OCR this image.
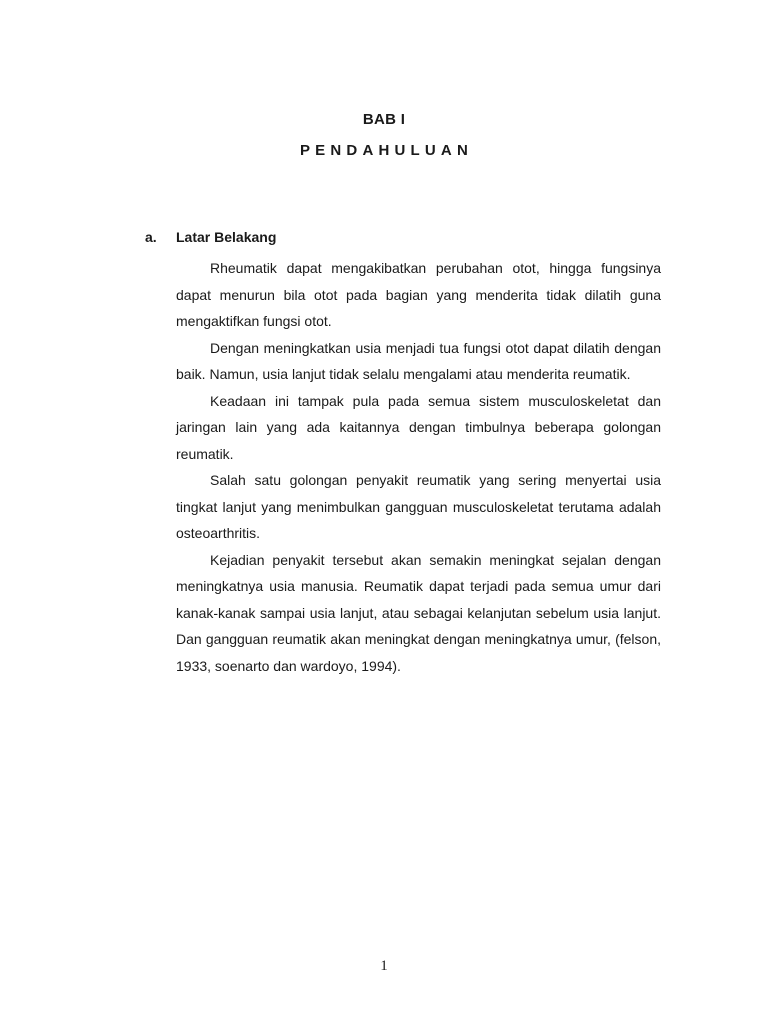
BAB I
PENDAHULUAN
a. Latar Belakang

Rheumatik dapat mengakibatkan perubahan otot, hingga fungsinya dapat menurun bila otot pada bagian yang menderita tidak dilatih guna mengaktifkan fungsi otot.

Dengan meningkatkan usia menjadi tua fungsi otot dapat dilatih dengan baik. Namun, usia lanjut tidak selalu mengalami atau menderita reumatik.

Keadaan ini tampak pula pada semua sistem musculoskeletat dan jaringan lain yang ada kaitannya dengan timbulnya beberapa golongan reumatik.

Salah satu golongan penyakit reumatik yang sering menyertai usia tingkat lanjut yang menimbulkan gangguan musculoskeletat terutama adalah osteoarthritis.

Kejadian penyakit tersebut akan semakin meningkat sejalan dengan meningkatnya usia manusia. Reumatik dapat terjadi pada semua umur dari kanak-kanak sampai usia lanjut, atau sebagai kelanjutan sebelum usia lanjut. Dan gangguan reumatik akan meningkat dengan meningkatnya umur, (felson, 1933, soenarto dan wardoyo, 1994).

1
